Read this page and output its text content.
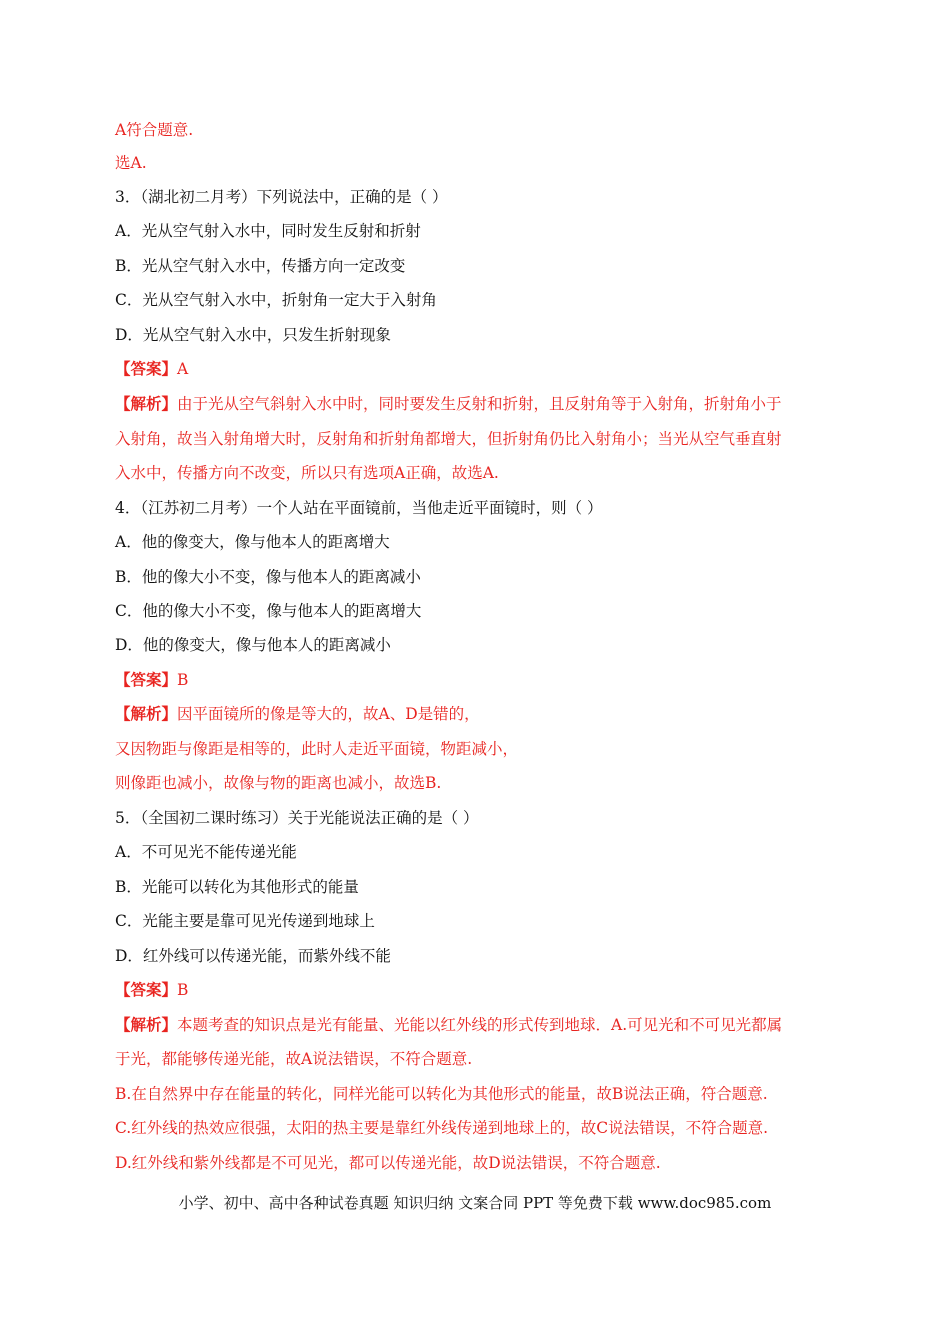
A符合题意.
选A.
3．（湖北初二月考）下列说法中，正确的是（ ）
A．光从空气射入水中，同时发生反射和折射
B．光从空气射入水中，传播方向一定改变
C．光从空气射入水中，折射角一定大于入射角
D．光从空气射入水中，只发生折射现象
【答案】A
【解析】由于光从空气斜射入水中时，同时要发生反射和折射，且反射角等于入射角，折射角小于
入射角，故当入射角增大时，反射角和折射角都增大，但折射角仍比入射角小；当光从空气垂直射
入水中，传播方向不改变，所以只有选项A正确，故选A.
4．（江苏初二月考）一个人站在平面镜前，当他走近平面镜时，则（ ）
A．他的像变大，像与他本人的距离增大
B．他的像大小不变，像与他本人的距离减小
C．他的像大小不变，像与他本人的距离增大
D．他的像变大，像与他本人的距离减小
【答案】B
【解析】因平面镜所的像是等大的，故A、D是错的，
又因物距与像距是相等的，此时人走近平面镜，物距减小，
则像距也减小，故像与物的距离也减小，故选B.
5．（全国初二课时练习）关于光能说法正确的是（ ）
A．不可见光不能传递光能
B．光能可以转化为其他形式的能量
C．光能主要是靠可见光传递到地球上
D．红外线可以传递光能，而紫外线不能
【答案】B
【解析】本题考查的知识点是光有能量、光能以红外线的形式传到地球．A.可见光和不可见光都属
于光，都能够传递光能，故A说法错误，不符合题意.
B.在自然界中存在能量的转化，同样光能可以转化为其他形式的能量，故B说法正确，符合题意.
C.红外线的热效应很强，太阳的热主要是靠红外线传递到地球上的，故C说法错误，不符合题意.
D.红外线和紫外线都是不可见光，都可以传递光能，故D说法错误，不符合题意.
小学、初中、高中各种试卷真题 知识归纳 文案合同 PPT 等免费下载 www.doc985.com
